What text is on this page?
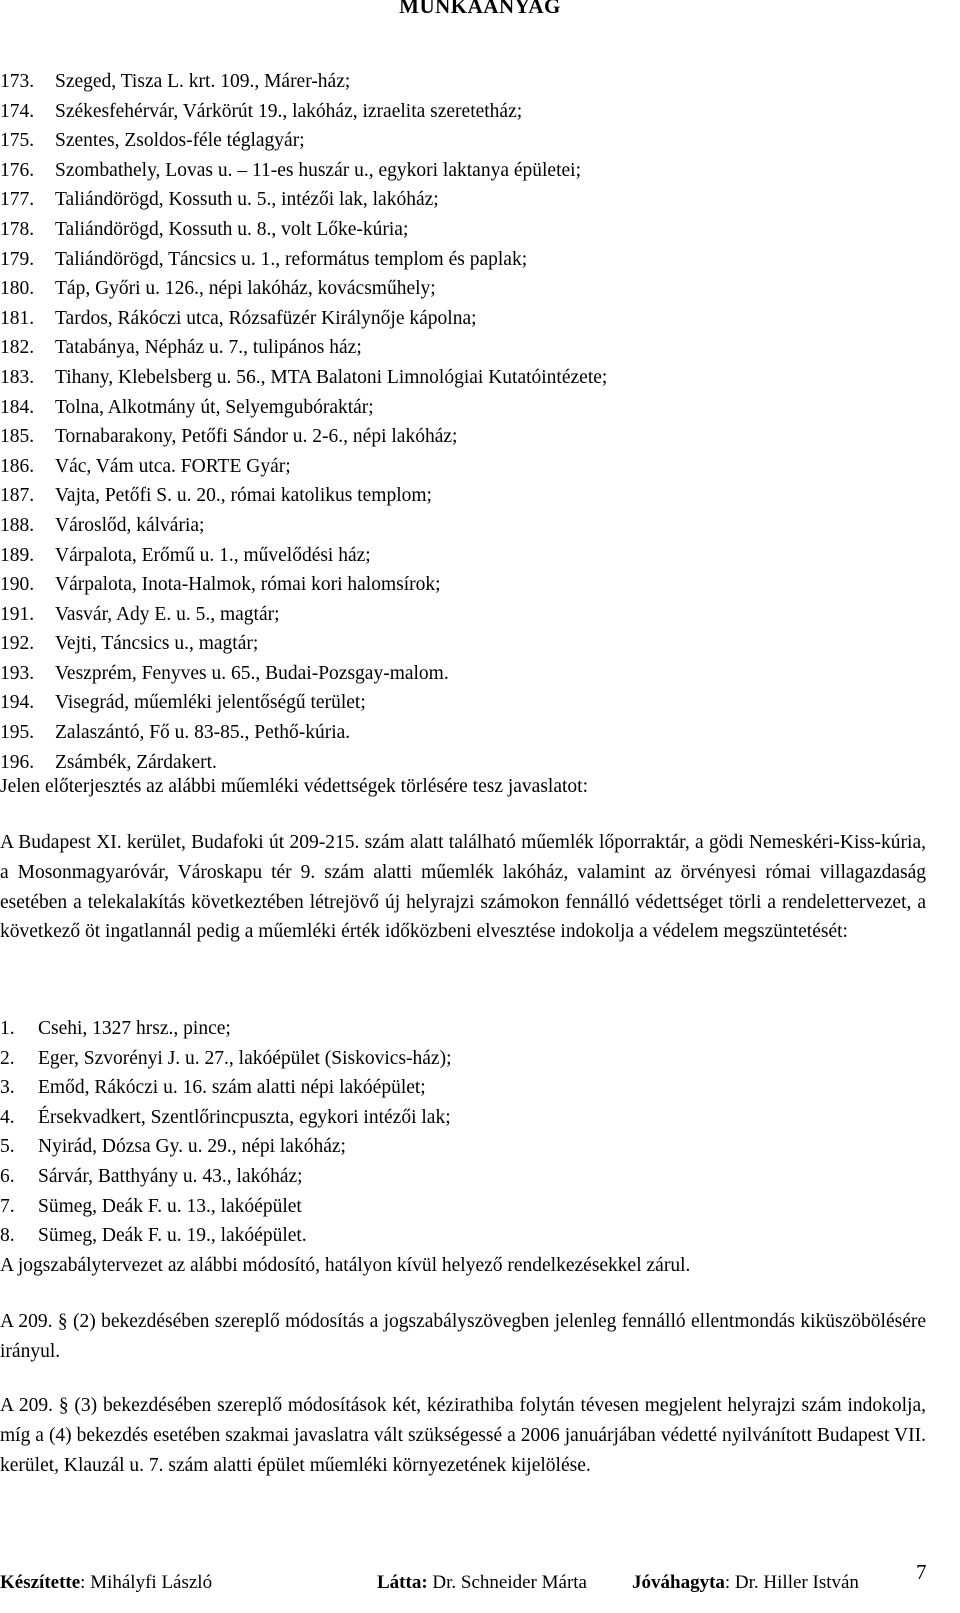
MUNKAANYAG
173. Szeged, Tisza L. krt. 109., Márer-ház;
174. Székesfehérvár, Várkörút 19., lakóház, izraelita szeretetház;
175. Szentes, Zsoldos-féle téglagyár;
176. Szombathely, Lovas u. – 11-es huszár u., egykori laktanya épületei;
177. Taliándörögd, Kossuth u. 5., intézői lak, lakóház;
178. Taliándörögd, Kossuth u. 8., volt Lőke-kúria;
179. Taliándörögd, Táncsics u. 1., református templom és paplak;
180. Táp, Győri u. 126., népi lakóház, kovácsműhely;
181. Tardos, Rákóczi utca, Rózsafüzér Királynője kápolna;
182. Tatabánya, Népház u. 7., tulipános ház;
183. Tihany, Klebelsberg u. 56., MTA Balatoni Limnológiai Kutatóintézete;
184. Tolna, Alkotmány út, Selyemgubóraktár;
185. Tornabarakony, Petőfi Sándor u. 2-6., népi lakóház;
186. Vác, Vám utca. FORTE Gyár;
187. Vajta, Petőfi S. u. 20., római katolikus templom;
188. Városlőd, kálvária;
189. Várpalota, Erőmű u. 1., művelődési ház;
190. Várpalota, Inota-Halmok, római kori halomsírok;
191. Vasvár, Ady E. u. 5., magtár;
192. Vejti, Táncsics u., magtár;
193. Veszprém, Fenyves u. 65., Budai-Pozsgay-malom.
194. Visegrád, műemléki jelentőségű terület;
195. Zalaszántó, Fő u. 83-85., Pethő-kúria.
196. Zsámbék, Zárdakert.

Jelen előterjesztés az alábbi műemléki védettségek törlésére tesz javaslatot:

A Budapest XI. kerület, Budafoki út 209-215. szám alatt található műemlék lőporraktár, a gödi Nemeskéri-Kiss-kúria, a Mosonmagyaróvár, Városkapu tér 9. szám alatti műemlék lakóház, valamint az örvényesi római villagazdaság esetében a telekalakítás következtében létrejövő új helyrajzi számokon fennálló védettséget törli a rendelettervezet, a következő öt ingatlannál pedig a műemléki érték időközbeni elvesztése indokolja a védelem megszüntetését:

1. Csehi, 1327 hrsz., pince;
2. Eger, Szvorényi J. u. 27., lakóépület (Siskovics-ház);
3. Emőd, Rákóczi u. 16. szám alatti népi lakóépület;
4. Érsekvadkert, Szentlőrincpuszta, egykori intézői lak;
5. Nyirád, Dózsa Gy. u. 29., népi lakóház;
6. Sárvár, Batthyány u. 43., lakóház;
7. Sümeg, Deák F. u. 13., lakóépület
8. Sümeg, Deák F. u. 19., lakóépület.

A jogszabálytervezet az alábbi módosító, hatályon kívül helyező rendelkezésekkel zárul.

A 209. § (2) bekezdésében szereplő módosítás a jogszabályszövegben jelenleg fennálló ellentmondás kiküszöbölésére irányul.

A 209. § (3) bekezdésében szereplő módosítások két, kézirathiba folytán tévesen megjelent helyrajzi szám indokolja, míg a (4) bekezdés esetében szakmai javaslatra vált szükségessé a 2006 januárjában védetté nyilvánított Budapest VII. kerület, Klauzál u. 7. szám alatti épület műemléki környezetének kijelölése.

Készítette: Mihályfi László	Látta: Dr. Schneider Márta Jóváhagyta: Dr. Hiller István	7
